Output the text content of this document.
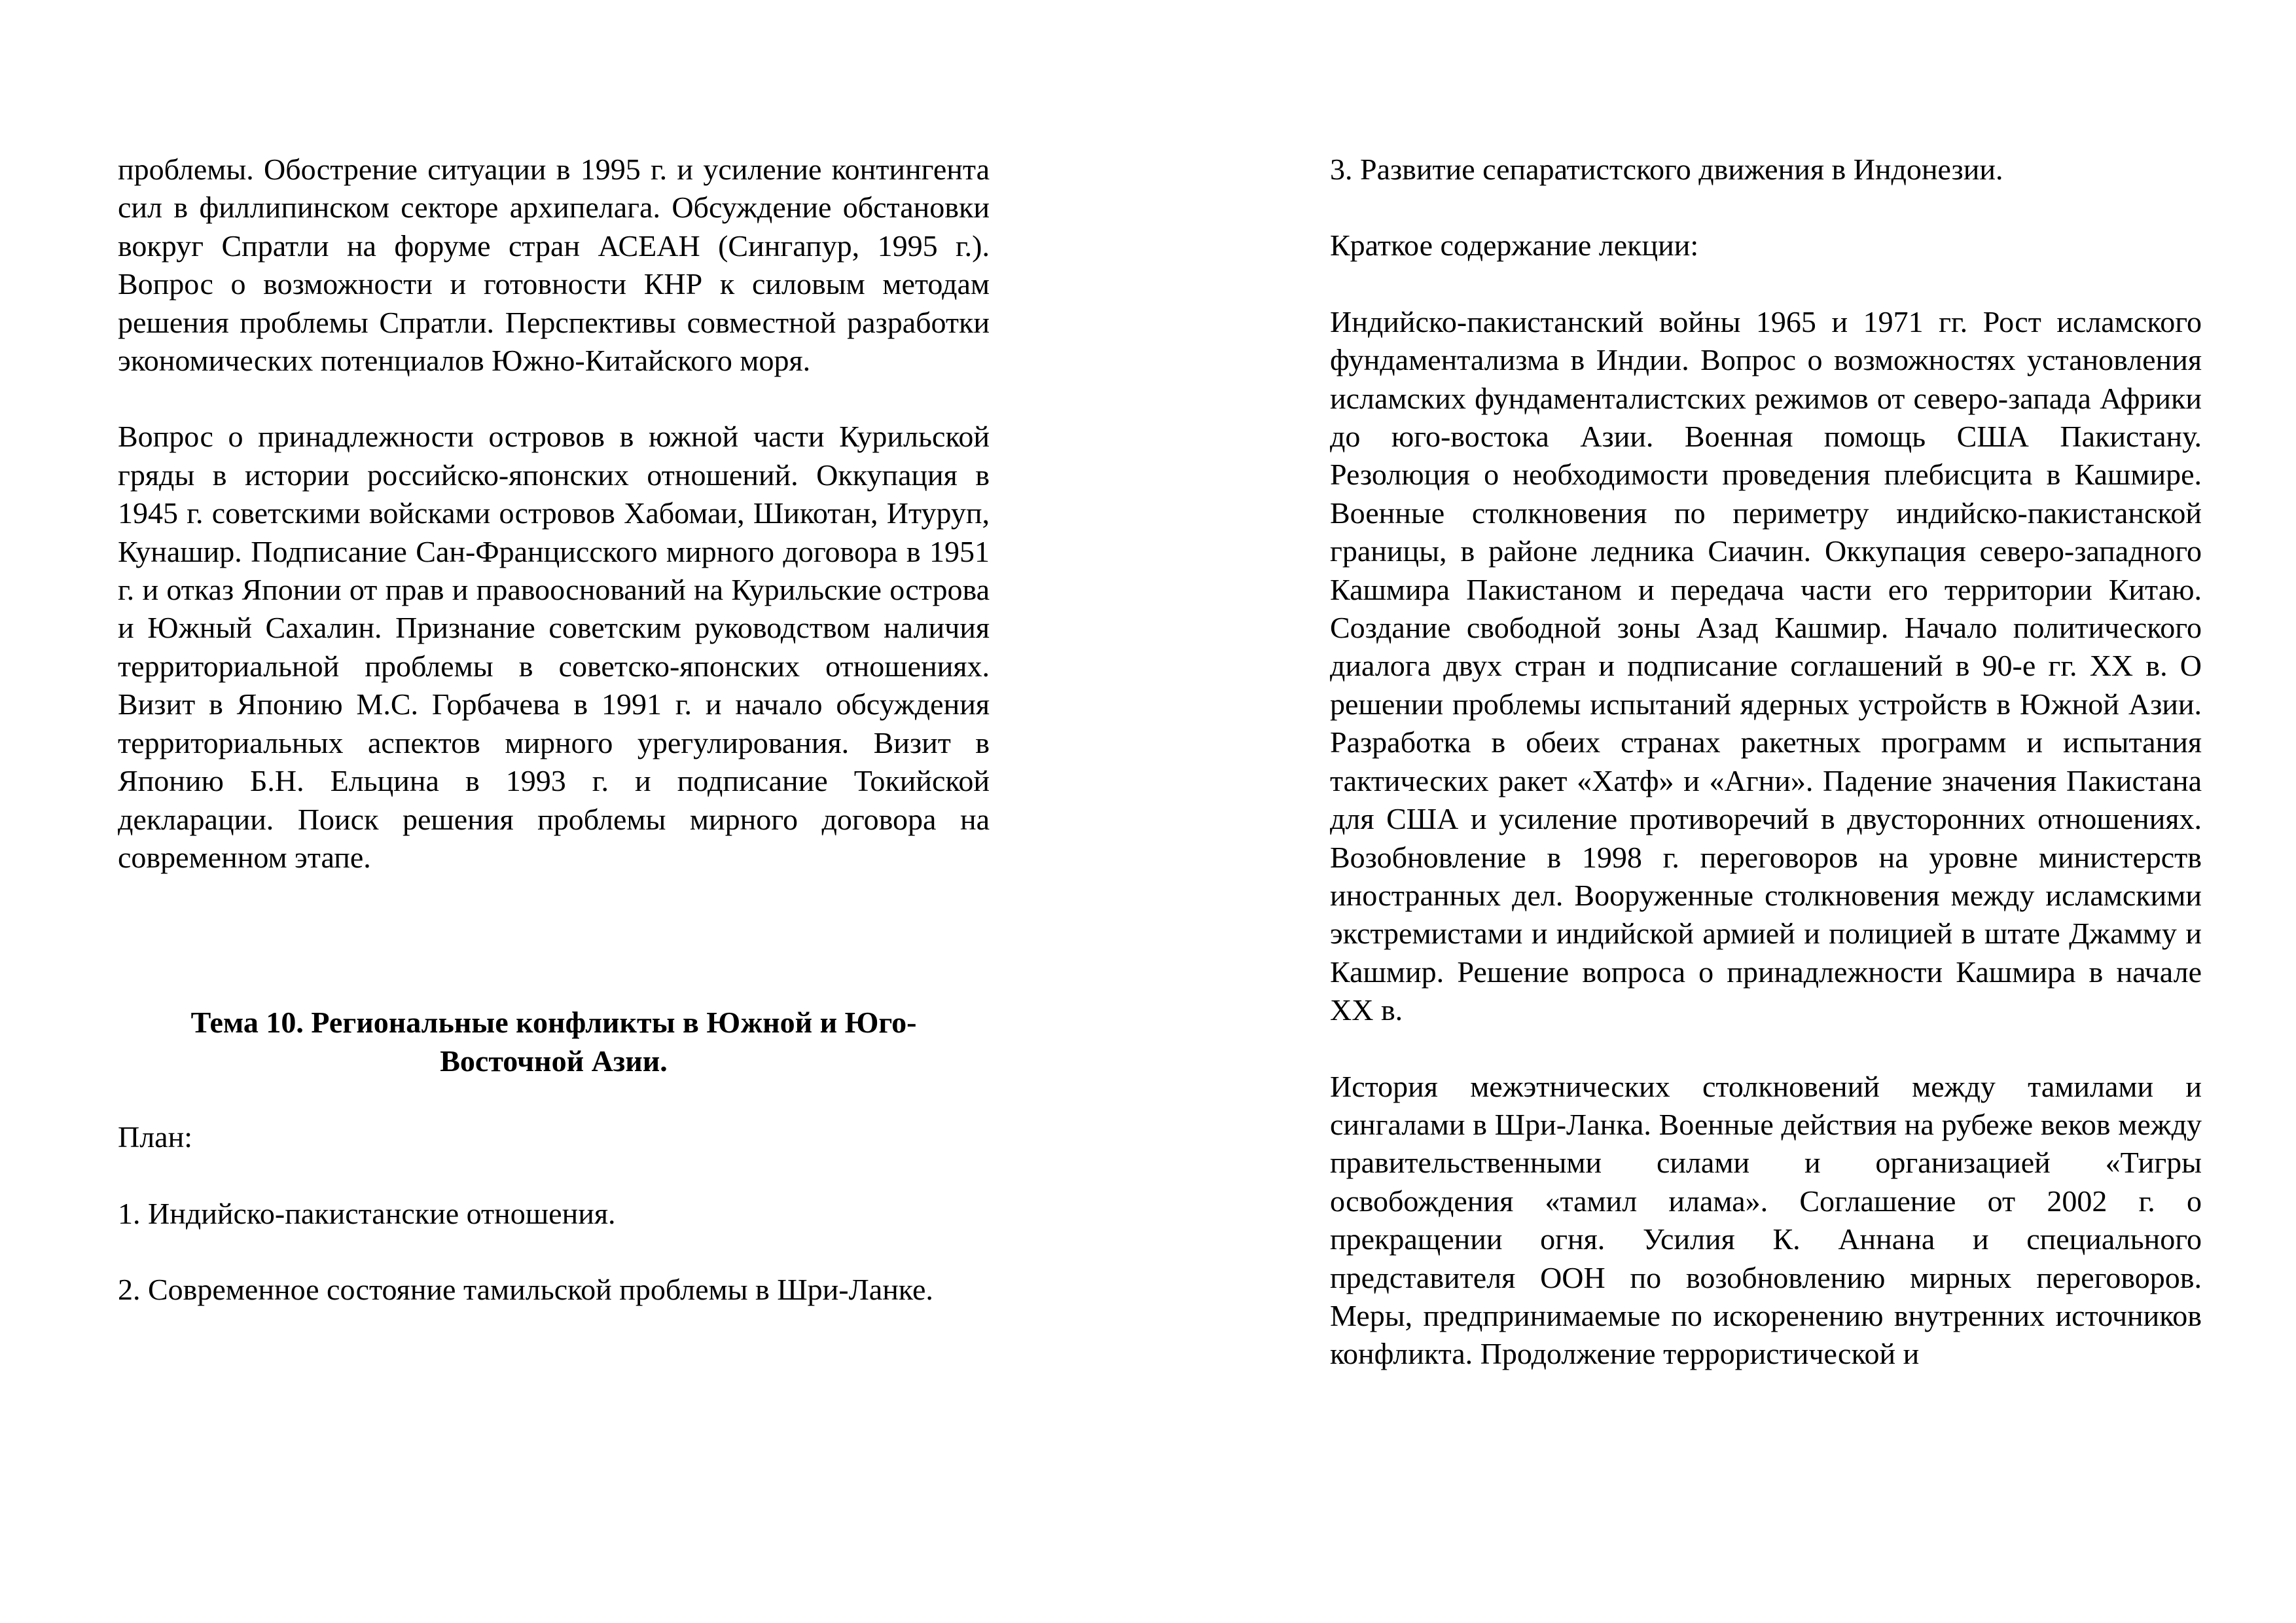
проблемы. Обострение ситуации в 1995 г. и усиление контингента сил в филлипинском секторе архипелага. Обсуждение обстановки вокруг Спратли на форуме стран АСЕАН (Сингапур, 1995 г.). Вопрос о возможности и готовности КНР к силовым методам решения проблемы Спратли. Перспективы совместной разработки экономических потенциалов Южно-Китайского моря.

Вопрос о принадлежности островов в южной части Курильской гряды в истории российско-японских отношений. Оккупация в 1945 г. советскими войсками островов Хабомаи, Шикотан, Итуруп, Кунашир. Подписание Сан-Францисского мирного договора в 1951 г. и отказ Японии от прав и правооснований на Курильские острова и Южный Сахалин. Признание советским руководством наличия территориальной проблемы в советско-японских отношениях. Визит в Японию М.С. Горбачева в 1991 г. и начало обсуждения территориальных аспектов мирного урегулирования. Визит в Японию Б.Н. Ельцина в 1993 г. и подписание Токийской декларации. Поиск решения проблемы мирного договора на современном этапе.

Тема 10. Региональные конфликты в Южной и Юго-
Восточной Азии.

План:

1. Индийско-пакистанские отношения.

2. Современное состояние тамильской проблемы в Шри-Ланке.

3. Развитие сепаратистского движения в Индонезии.

Краткое содержание лекции:

Индийско-пакистанский войны 1965 и 1971 гг. Рост исламского фундаментализма в Индии. Вопрос о возможностях установления исламских фундаменталистских режимов от северо-запада Африки до юго-востока Азии. Военная помощь США Пакистану. Резолюция о необходимости проведения плебисцита в Кашмире. Военные столкновения по периметру индийско-пакистанской границы, в районе ледника Сиачин. Оккупация северо-западного Кашмира Пакистаном и передача части его территории Китаю. Создание свободной зоны Азад Кашмир. Начало политического диалога двух стран и подписание соглашений в 90-е гг. XX в. О решении проблемы испытаний ядерных устройств в Южной Азии. Разработка в обеих странах ракетных программ и испытания тактических ракет «Хатф» и «Агни». Падение значения Пакистана для США и усиление противоречий в двусторонних отношениях. Возобновление в 1998 г. переговоров на уровне министерств иностранных дел. Вооруженные столкновения между исламскими экстремистами и индийской армией и полицией в штате Джамму и Кашмир. Решение вопроса о принадлежности Кашмира в начале XX в.

История межэтнических столкновений между тамилами и сингалами в Шри-Ланка. Военные действия на рубеже веков между правительственными силами и организацией «Тигры освобождения «тамил илама». Соглашение от 2002 г. о прекращении огня. Усилия К. Аннана и специального представителя ООН по возобновлению мирных переговоров. Меры, предпринимаемые по искоренению внутренних источников конфликта. Продолжение террористической и
